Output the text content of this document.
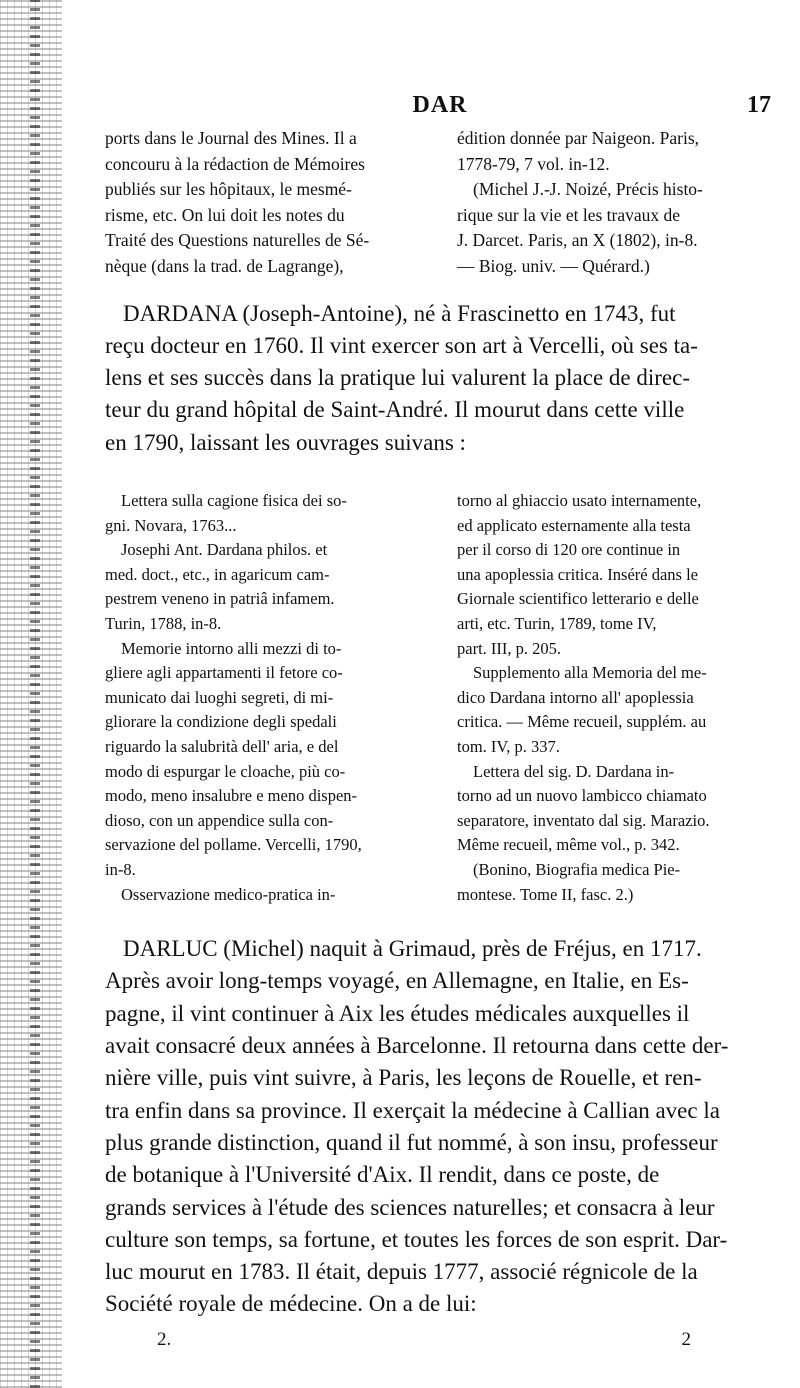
DAR	17

ports dans le Journal des Mines. Il a

concouru à la rédaction de Mémoires

publiés sur les hôpitaux, le mesmé-

risme, etc. On lui doit les notes du

Traité des Questions naturelles de Sé-

nèque (dans la trad. de Lagrange),

édition donnée par Naigeon. Paris,

1778-79, 7 vol. in-12.

(Michel J.-J. Noizé, Précis histo-

rique sur la vie et les travaux de

J. Darcet. Paris, an X (1802), in-8.

— Biog. univ. — Quérard.)

DARDANA (Joseph-Antoine), né à Frascinetto en 1743, fut
reçu docteur en 1760. Il vint exercer son art à Vercelli, où ses ta-
lens et ses succès dans la pratique lui valurent la place de direc-
teur du grand hôpital de Saint-André. Il mourut dans cette ville
en 1790, laissant les ouvrages suivans :

Lettera sulla cagione fisica dei so-
gni. Novara, 1763...

Josephi Ant. Dardana philos. et
med. doct., etc., in agaricum cam-
pestrem veneno in patriâ infamem.
Turin, 1788, in-8.

Memorie intorno alli mezzi di to-
gliere agli appartamenti il fetore co-
municato dai luoghi segreti, di mi-
gliorare la condizione degli spedali
riguardo la salubrità dell' aria, e del
modo di espurgar le cloache, più co-
modo, meno insalubre e meno dispen-
dioso, con un appendice sulla con-
servazione del pollame. Vercelli, 1790,
in-8.

Osservazione medico-pratica in-

torno al ghiaccio usato internamente,
ed applicato esternamente alla testa
per il corso di 120 ore continue in
una apoplessia critica. Inséré dans le
Giornale scientifico letterario e delle
arti, etc. Turin, 1789, tome IV,
part. III, p. 205.

Supplemento alla Memoria del me-
dico Dardana intorno all' apoplessia
critica. — Même recueil, supplém. au
tom. IV, p. 337.

Lettera del sig. D. Dardana in-
torno ad un nuovo lambicco chiamato
separatore, inventato dal sig. Marazio.
Même recueil, même vol., p. 342.

(Bonino, Biografia medica Pie-
montese. Tome II, fasc. 2.)

DARLUC (Michel) naquit à Grimaud, près de Fréjus, en 1717.
Après avoir long-temps voyagé, en Allemagne, en Italie, en Es-
pagne, il vint continuer à Aix les études médicales auxquelles il
avait consacré deux années à Barcelonne. Il retourna dans cette der-
nière ville, puis vint suivre, à Paris, les leçons de Rouelle, et ren-
tra enfin dans sa province. Il exerçait la médecine à Callian avec la
plus grande distinction, quand il fut nommé, à son insu, professeur
de botanique à l'Université d'Aix. Il rendit, dans ce poste, de
grands services à l'étude des sciences naturelles; et consacra à leur
culture son temps, sa fortune, et toutes les forces de son esprit. Dar-
luc mourut en 1783. Il était, depuis 1777, associé régnicole de la
Société royale de médecine. On a de lui:
2.	2
